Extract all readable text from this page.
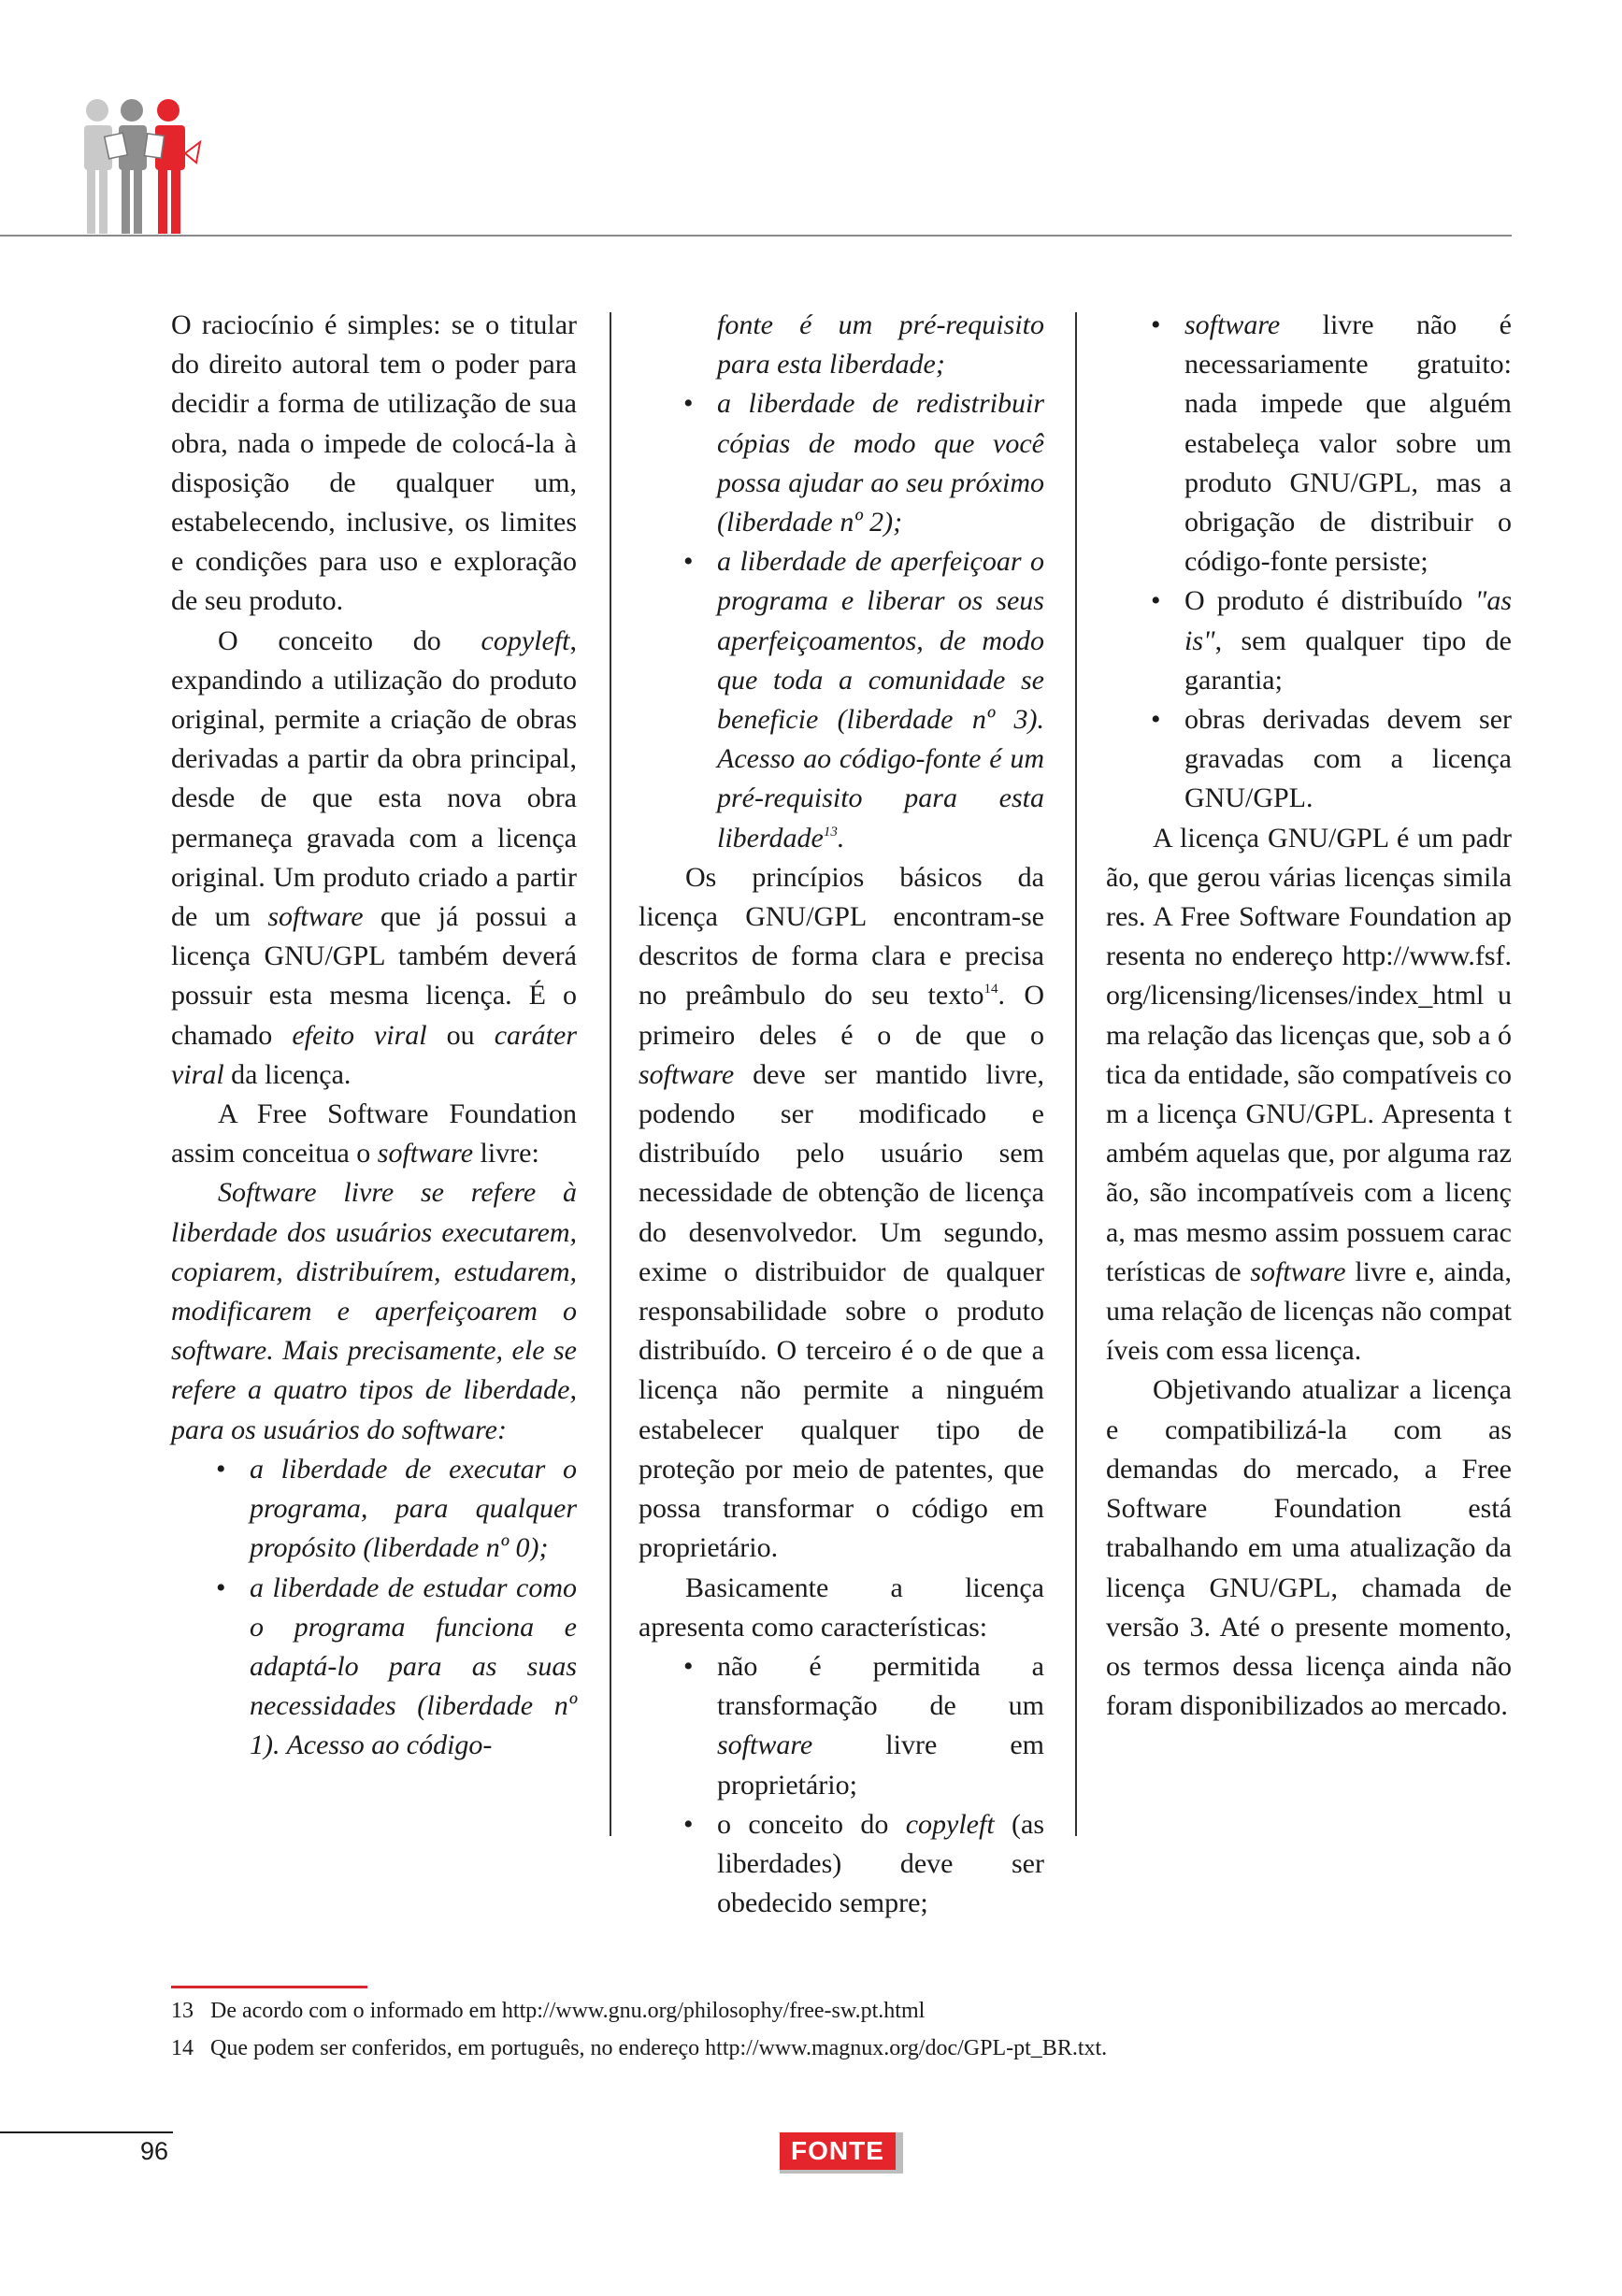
O raciocínio é simples: se o titular do direito autoral tem o poder para decidir a forma de utilização de sua obra, nada o impede de colocá-la à disposição de qualquer um, estabelecendo, inclusive, os limites e condições para uso e exploração de seu produto.

O conceito do copyleft, expandindo a utilização do produto original, permite a criação de obras derivadas a partir da obra principal, desde de que esta nova obra permaneça gravada com a licença original. Um produto criado a partir de um software que já possui a licença GNU/GPL também deverá possuir esta mesma licença. É o chamado efeito viral ou caráter viral da licença.

A Free Software Foundation assim conceitua o software livre:

Software livre se refere à liberdade dos usuários executarem, copiarem, distribuírem, estudarem, modificarem e aperfeiçoarem o software. Mais precisamente, ele se refere a quatro tipos de liberdade, para os usuários do software:

• a liberdade de executar o programa, para qualquer propósito (liberdade nº 0);
• a liberdade de estudar como o programa funciona e adaptá-lo para as suas necessidades (liberdade nº 1). Acesso ao código-

fonte é um pré-requisito para esta liberdade;

• a liberdade de redistribuir cópias de modo que você possa ajudar ao seu próximo (liberdade nº 2);
• a liberdade de aperfeiçoar o programa e liberar os seus aperfeiçoamentos, de modo que toda a comunidade se beneficie (liberdade nº 3). Acesso ao código-fonte é um pré-requisito para esta liberdade$^{13}$.

Os princípios básicos da licença GNU/GPL encontram-se descritos de forma clara e precisa no preâmbulo do seu texto$^{14}$. O primeiro deles é o de que o software deve ser mantido livre, podendo ser modificado e distribuído pelo usuário sem necessidade de obtenção de licença do desenvolvedor. Um segundo, exime o distribuidor de qualquer responsabilidade sobre o produto distribuído. O terceiro é o de que a licença não permite a ninguém estabelecer qualquer tipo de proteção por meio de patentes, que possa transformar o código em proprietário.

Basicamente a licença apresenta como características:

• não é permitida a transformação de um software livre em proprietário;
• o conceito do copyleft (as liberdades) deve ser obedecido sempre;
• software livre não é necessariamente gratuito: nada impede que alguém estabeleça valor sobre um produto GNU/GPL, mas a obrigação de distribuir o código-fonte persiste;
• O produto é distribuído "as is", sem qualquer tipo de garantia;
• obras derivadas devem ser gravadas com a licença GNU/GPL.

A licença GNU/GPL é um padrão, que gerou várias licenças similares. A Free Software Foundation apresenta no endereço http://www.fsf.org/licensing/licenses/index_html uma relação das licenças que, sob a ótica da entidade, são compatíveis com a licença GNU/GPL. Apresenta também aquelas que, por alguma razão, são incompatíveis com a licença, mas mesmo assim possuem características de software livre e, ainda, uma relação de licenças não compatíveis com essa licença.

Objetivando atualizar a licença e compatibilizá-la com as demandas do mercado, a Free Software Foundation está trabalhando em uma atualização da licença GNU/GPL, chamada de versão 3. Até o presente momento, os termos dessa licença ainda não foram disponibilizados ao mercado.

13 De acordo com o informado em http://www.gnu.org/philosophy/free-sw.pt.html
14 Que podem ser conferidos, em português, no endereço http://www.magnux.org/doc/GPL-pt_BR.txt.
96	FONTE
